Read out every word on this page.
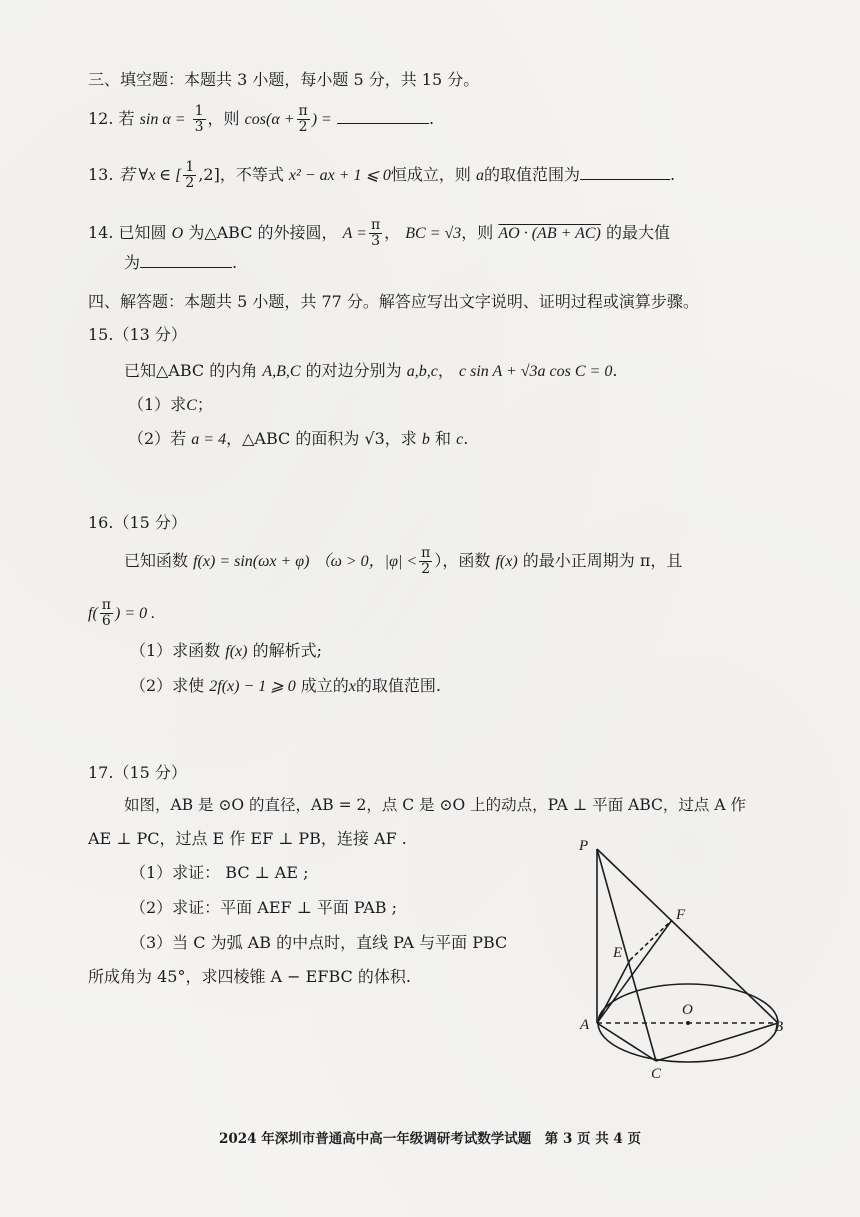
三、填空题：本题共 3 小题，每小题 5 分，共 15 分。
12. 若 $\sin \alpha = \frac{1}{3}$ ，则 $\cos(\alpha + \frac{\pi}{2}$ ) =	.
13. 若 ∀x ∈ [ $\frac{1}{2} ,2$]，不等式 x² − ax + 1 ⩽ 0恒成立，则 a的取值范围为	.
14. 已知圆 O 为△ABC 的外接圆， $A = \frac{\pi}{3}$ ， BC = √3，则 AO · (AB + AC) 的最大值
为	.
四、解答题：本题共 5 小题，共 77 分。解答应写出文字说明、证明过程或演算步骤。
15.（13 分）
已知△ABC 的内角 A,B,C 的对边分别为 a,b,c， c sin A + √3a cos C = 0.
（1）求C；
（2）若 a = 4，△ABC 的面积为 √3，求 b 和 c.
16.（15 分）
已知函数 f(x) = sin(ωx + φ) （ω > 0，$|\varphi| < \frac{\pi}{2}$ ），函数 f(x) 的最小正周期为 π，且
$f( \frac{\pi}{6}$ ) = 0 .
（1）求函数 f(x) 的解析式;
（2）求使 2f(x) − 1 ⩾ 0 成立的x的取值范围.
17.（15 分）
如图，AB 是 ⊙O 的直径，AB = 2，点 C 是 ⊙O 上的动点，PA ⊥ 平面 ABC，过点 A 作
AE ⊥ PC，过点 E 作 EF ⊥ PB，连接 AF .
（1）求证： BC ⊥ AE ;
（2）求证：平面 AEF ⊥ 平面 PAB ;
（3）当 C 为弧 AB 的中点时，直线 PA 与平面 PBC
所成角为 45°，求四棱锥 A − EFBC 的体积.
P
F
E
A
O
B
C
2024 年深圳市普通高中高一年级调研考试数学试题　第 3 页 共 4 页
